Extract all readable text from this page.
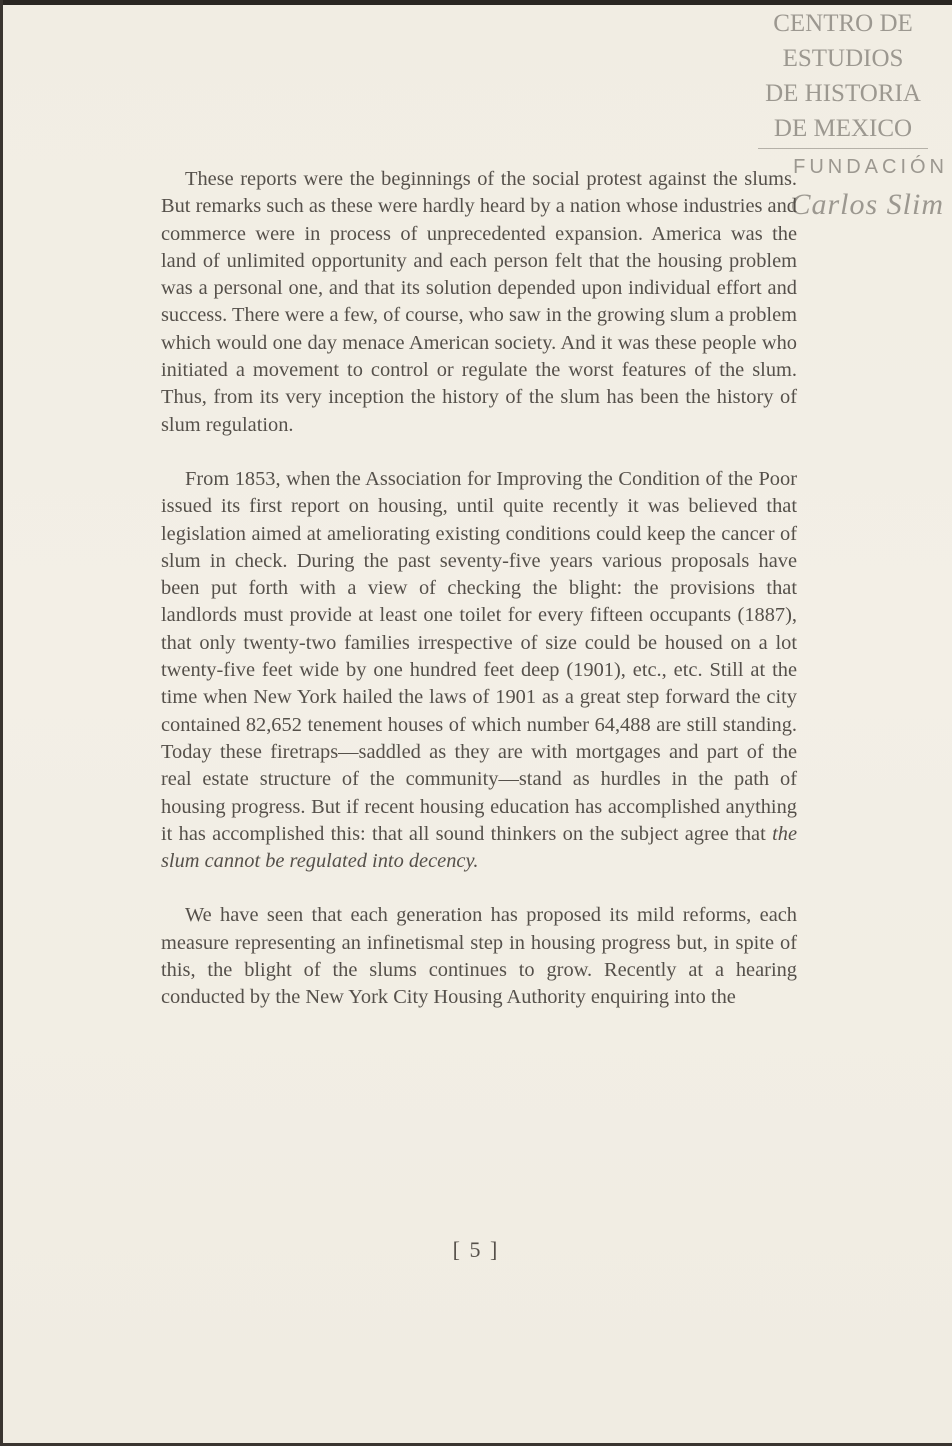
CENTRO DE
ESTUDIOS
DE HISTORIA
DE MEXICO
FUNDACIÓN
Carlos Slim

These reports were the beginnings of the social protest against the slums. But remarks such as these were hardly heard by a nation whose industries and commerce were in process of unprecedented expansion. America was the land of unlimited opportunity and each person felt that the housing problem was a personal one, and that its solution depended upon individual effort and success. There were a few, of course, who saw in the growing slum a problem which would one day menace American society. And it was these people who initiated a movement to control or regulate the worst features of the slum. Thus, from its very inception the history of the slum has been the history of slum regulation.

From 1853, when the Association for Improving the Condition of the Poor issued its first report on housing, until quite recently it was believed that legislation aimed at ameliorating existing conditions could keep the cancer of slum in check. During the past seventy-five years various proposals have been put forth with a view of checking the blight: the provisions that landlords must provide at least one toilet for every fifteen occupants (1887), that only twenty-two families irrespective of size could be housed on a lot twenty-five feet wide by one hundred feet deep (1901), etc., etc. Still at the time when New York hailed the laws of 1901 as a great step forward the city contained 82,652 tenement houses of which number 64,488 are still standing. Today these firetraps—saddled as they are with mortgages and part of the real estate structure of the community—stand as hurdles in the path of housing progress. But if recent housing education has accomplished anything it has accomplished this: that all sound thinkers on the subject agree that the slum cannot be regulated into decency.

We have seen that each generation has proposed its mild reforms, each measure representing an infinetismal step in housing progress but, in spite of this, the blight of the slums continues to grow. Recently at a hearing conducted by the New York City Housing Authority enquiring into the

[ 5 ]
